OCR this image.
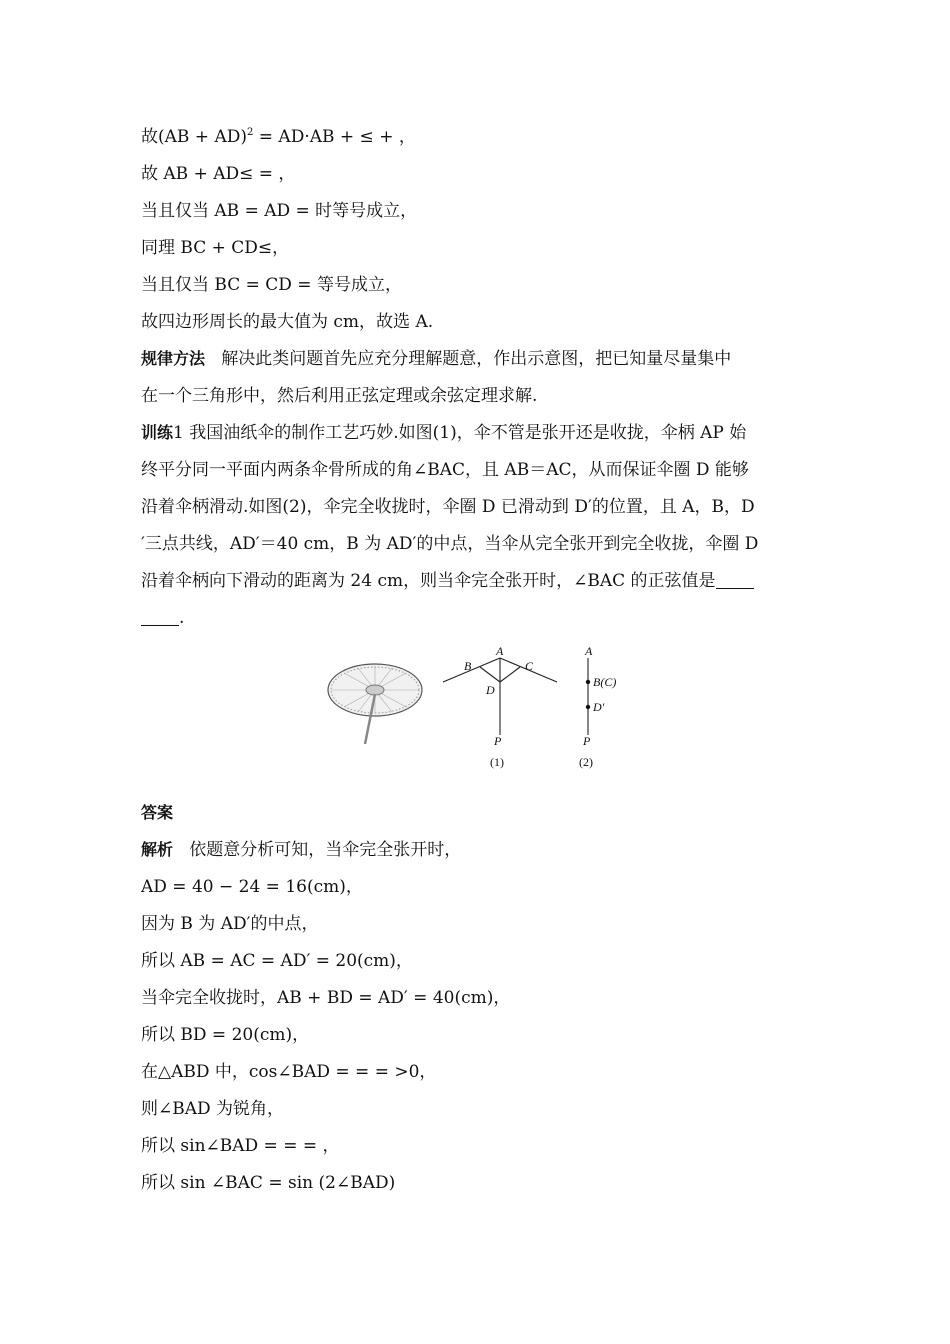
故(AB + AD)$^2$ = AD·AB + ≤ + ，
故 AB + AD≤ = ，
当且仅当 AB = AD = 时等号成立，
同理 BC + CD≤，
当且仅当 BC = CD = 等号成立，
故四边形周长的最大值为 cm，故选 A.
规律方法 解决此类问题首先应充分理解题意，作出示意图，把已知量尽量集中
在一个三角形中，然后利用正弦定理或余弦定理求解.
训练1 我国油纸伞的制作工艺巧妙.如图(1)，伞不管是张开还是收拢，伞柄 AP 始
终平分同一平面内两条伞骨所成的角∠BAC，且 AB＝AC，从而保证伞圈 D 能够
沿着伞柄滑动.如图(2)，伞完全收拢时，伞圈 D 已滑动到 D′的位置，且 A，B，D
′三点共线，AD′＝40 cm，B 为 AD′的中点，当伞从完全张开到完全收拢，伞圈 D
沿着伞柄向下滑动的距离为 24 cm，则当伞完全张开时，∠BAC 的正弦值是
.
A
B	C
D
P
(1)
A
B(C)
D′
P
(2)
答案
解析 依题意分析可知，当伞完全张开时，
AD = 40 − 24 = 16(cm)，
因为 B 为 AD′的中点，
所以 AB = AC = AD′ = 20(cm)，
当伞完全收拢时，AB + BD = AD′ = 40(cm)，
所以 BD = 20(cm)，
在△ABD 中，cos∠BAD = = = >0，
则∠BAD 为锐角，
所以 sin∠BAD = = = ，
所以 sin ∠BAC = sin (2∠BAD)
